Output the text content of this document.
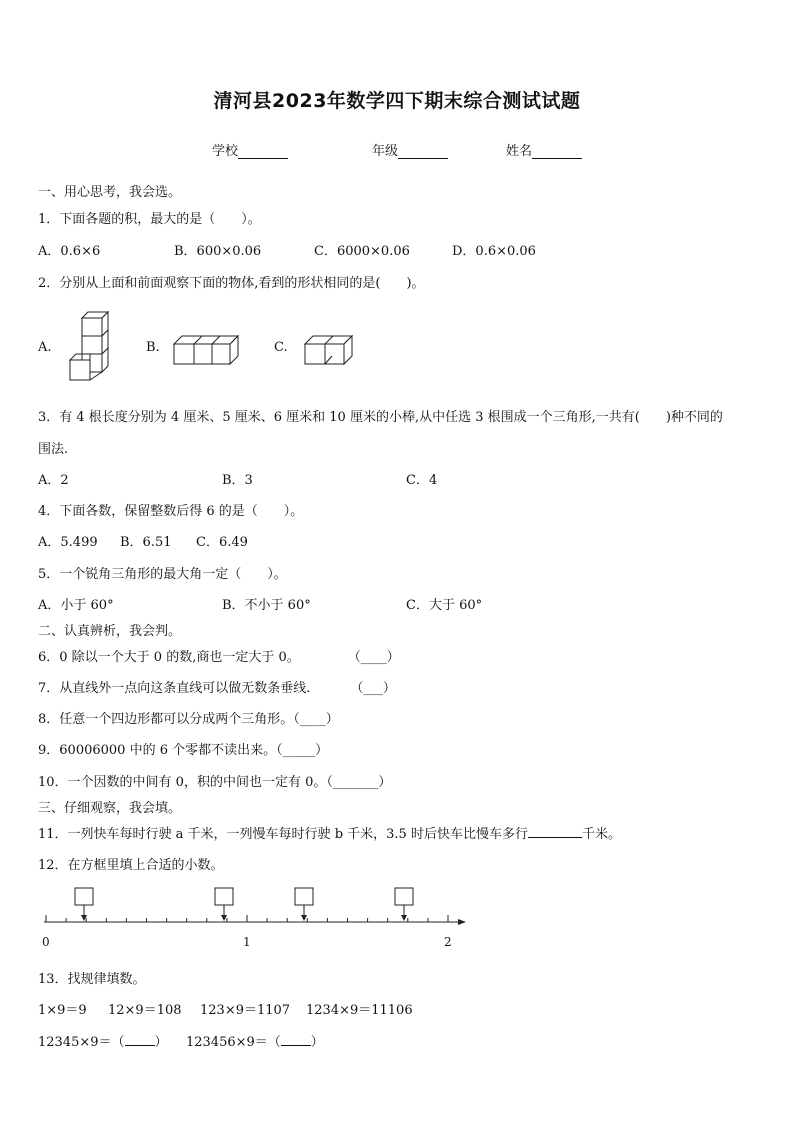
清河县2023年数学四下期末综合测试试题
学校	年级	姓名
一、用心思考，我会选。
1．下面各题的积，最大的是（　　）。
A．0.6×6	B．600×0.06	C．6000×0.06	D．0.6×0.06
2．分别从上面和前面观察下面的物体,看到的形状相同的是(　　)。
A.	B.	C.
3．有 4 根长度分别为 4 厘米、5 厘米、6 厘米和 10 厘米的小棒,从中任选 3 根围成一个三角形,一共有(　　)种不同的
围法.
A．2	B．3	C．4
4．下面各数，保留整数后得 6 的是（　　）。
A．5.499 B．6.51 C．6.49
5．一个锐角三角形的最大角一定（　　）。
A．小于 60°	B．不小于 60°	C．大于 60°
二、认真辨析，我会判。
6．0 除以一个大于 0 的数,商也一定大于 0。	（____）
7．从直线外一点向这条直线可以做无数条垂线.	（___）
8．任意一个四边形都可以分成两个三角形。（____）
9．60006000 中的 6 个零都不读出来。（_____）
10．一个因数的中间有 0，积的中间也一定有 0。（_______）
三、仔细观察，我会填。
11．一列快车每时行驶 a 千米，一列慢车每时行驶 b 千米，3.5 时后快车比慢车多行	千米。
12．在方框里填上合适的小数。
0	1	2
13．找规律填数。
1×9＝9 12×9＝108 123×9＝1107 1234×9＝11106
12345×9＝（ ） 123456×9＝（ ）
